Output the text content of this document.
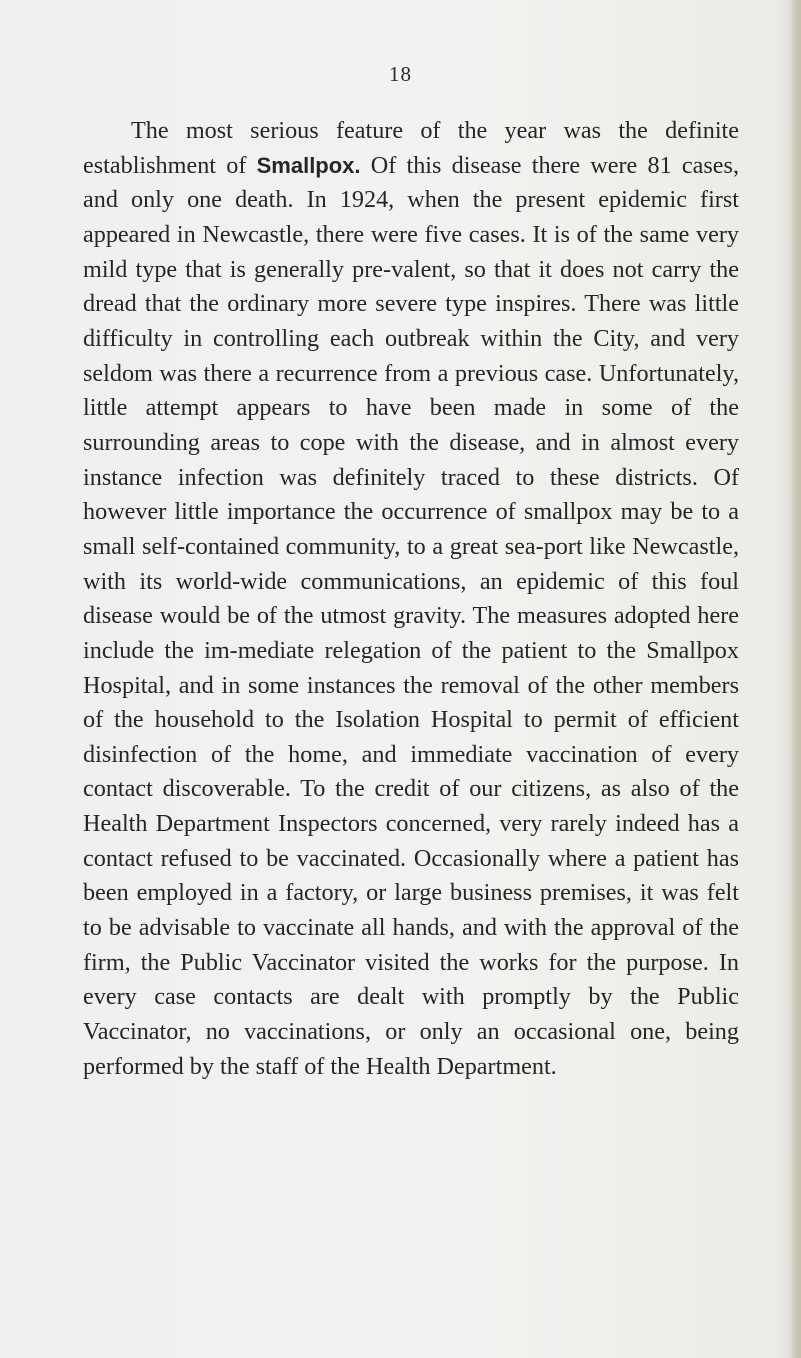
18

The most serious feature of the year was the definite establishment of Smallpox. Of this disease there were 81 cases, and only one death. In 1924, when the present epidemic first appeared in Newcastle, there were five cases. It is of the same very mild type that is generally pre-valent, so that it does not carry the dread that the ordinary more severe type inspires. There was little difficulty in controlling each outbreak within the City, and very seldom was there a recurrence from a previous case. Unfortunately, little attempt appears to have been made in some of the surrounding areas to cope with the disease, and in almost every instance infection was definitely traced to these districts. Of however little importance the occurrence of smallpox may be to a small self-contained community, to a great sea-port like Newcastle, with its world-wide communications, an epidemic of this foul disease would be of the utmost gravity. The measures adopted here include the im-mediate relegation of the patient to the Smallpox Hospital, and in some instances the removal of the other members of the household to the Isolation Hospital to permit of efficient disinfection of the home, and immediate vaccination of every contact discoverable. To the credit of our citizens, as also of the Health Department Inspectors concerned, very rarely indeed has a contact refused to be vaccinated. Occasionally where a patient has been employed in a factory, or large business premises, it was felt to be advisable to vaccinate all hands, and with the approval of the firm, the Public Vaccinator visited the works for the purpose. In every case contacts are dealt with promptly by the Public Vaccinator, no vaccinations, or only an occasional one, being performed by the staff of the Health Department.
